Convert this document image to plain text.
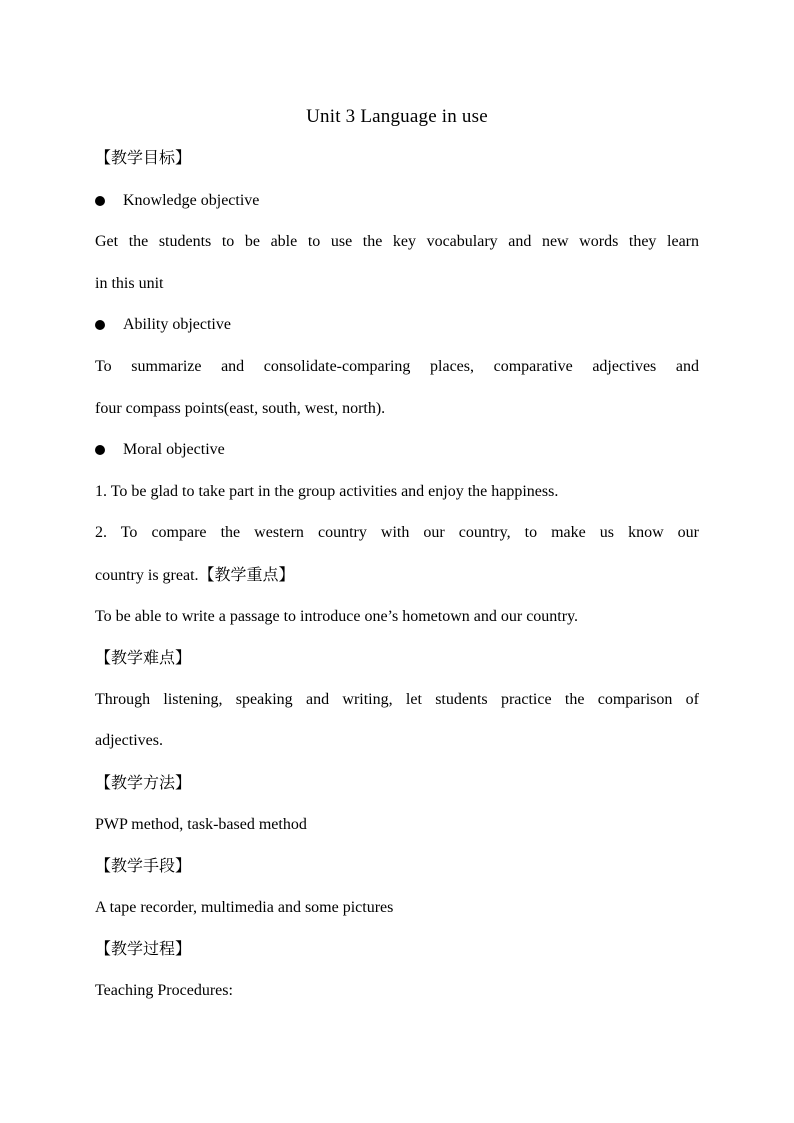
Unit 3 Language in use
【教学目标】
Knowledge objective
Get the students to be able to use the key vocabulary and new words they learn
in this unit
Ability objective
To summarize and consolidate-comparing places, comparative adjectives and
four compass points(east, south, west, north).
Moral objective
1. To be glad to take part in the group activities and enjoy the happiness.
2. To compare the western country with our country, to make us know our
country is great.【教学重点】
To be able to write a passage to introduce one’s hometown and our country.
【教学难点】
Through listening, speaking and writing, let students practice the comparison of
adjectives.
【教学方法】
PWP method, task-based method
【教学手段】
A tape recorder, multimedia and some pictures
【教学过程】
Teaching Procedures:
